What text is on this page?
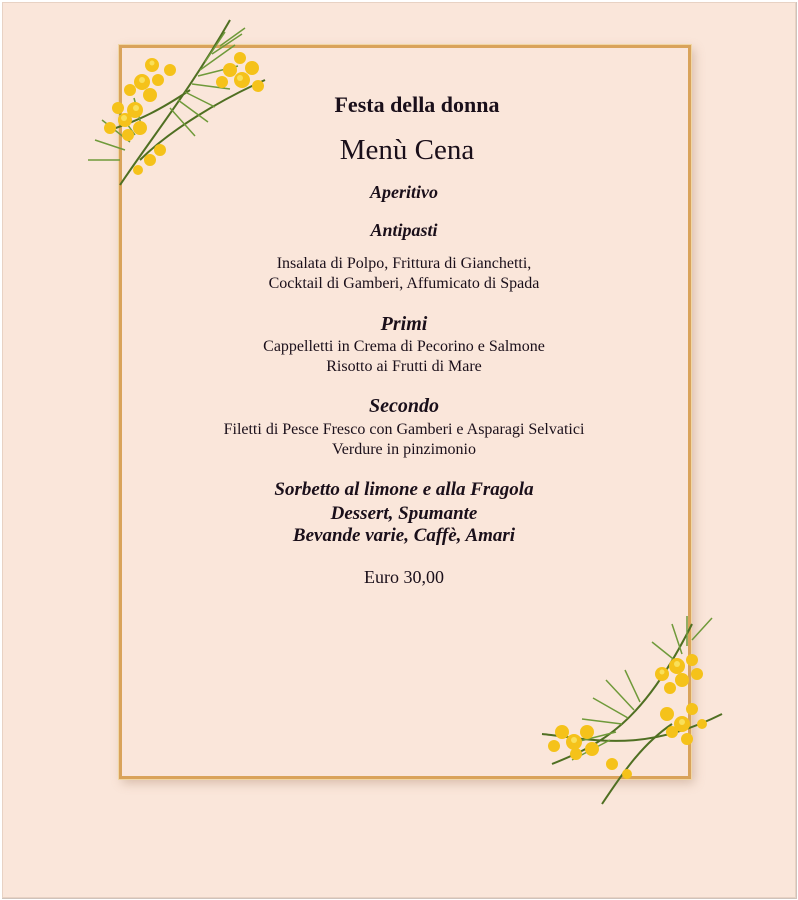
Festa della donna
Menù Cena
Aperitivo
Antipasti
Insalata di Polpo, Frittura di Gianchetti,
Cocktail di Gamberi, Affumicato di Spada
Primi
Cappelletti in Crema di Pecorino e Salmone
Risotto ai Frutti di Mare
Secondo
Filetti di Pesce Fresco con Gamberi e Asparagi Selvatici
Verdure in pinzimonio
Sorbetto al limone e alla Fragola
Dessert, Spumante
Bevande varie, Caffè, Amari
Euro 30,00
